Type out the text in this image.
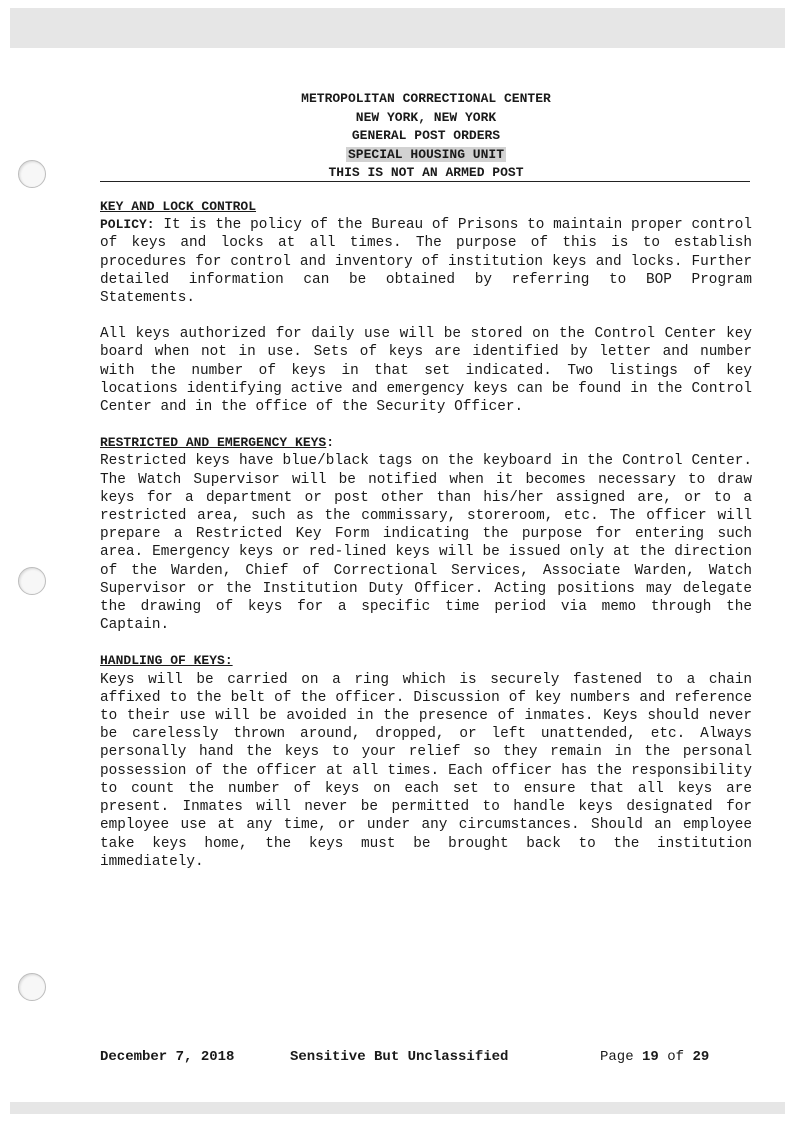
METROPOLITAN CORRECTIONAL CENTER
NEW YORK, NEW YORK
GENERAL POST ORDERS
SPECIAL HOUSING UNIT
THIS IS NOT AN ARMED POST
KEY AND LOCK CONTROL

POLICY: It is the policy of the Bureau of Prisons to maintain proper control of keys and locks at all times. The purpose of this is to establish procedures for control and inventory of institution keys and locks. Further detailed information can be obtained by referring to BOP Program Statements.

All keys authorized for daily use will be stored on the Control Center key board when not in use. Sets of keys are identified by letter and number with the number of keys in that set indicated. Two listings of key locations identifying active and emergency keys can be found in the Control Center and in the office of the Security Officer.

RESTRICTED AND EMERGENCY KEYS:

Restricted keys have blue/black tags on the keyboard in the Control Center. The Watch Supervisor will be notified when it becomes necessary to draw keys for a department or post other than his/her assigned are, or to a restricted area, such as the commissary, storeroom, etc. The officer will prepare a Restricted Key Form indicating the purpose for entering such area. Emergency keys or red-lined keys will be issued only at the direction of the Warden, Chief of Correctional Services, Associate Warden, Watch Supervisor or the Institution Duty Officer. Acting positions may delegate the drawing of keys for a specific time period via memo through the Captain.

HANDLING OF KEYS:

Keys will be carried on a ring which is securely fastened to a chain affixed to the belt of the officer. Discussion of key numbers and reference to their use will be avoided in the presence of inmates. Keys should never be carelessly thrown around, dropped, or left unattended, etc. Always personally hand the keys to your relief so they remain in the personal possession of the officer at all times. Each officer has the responsibility to count the number of keys on each set to ensure that all keys are present. Inmates will never be permitted to handle keys designated for employee use at any time, or under any circumstances. Should an employee take keys home, the keys must be brought back to the institution immediately.

December 7, 2018	Sensitive But Unclassified	Page 19 of 29
